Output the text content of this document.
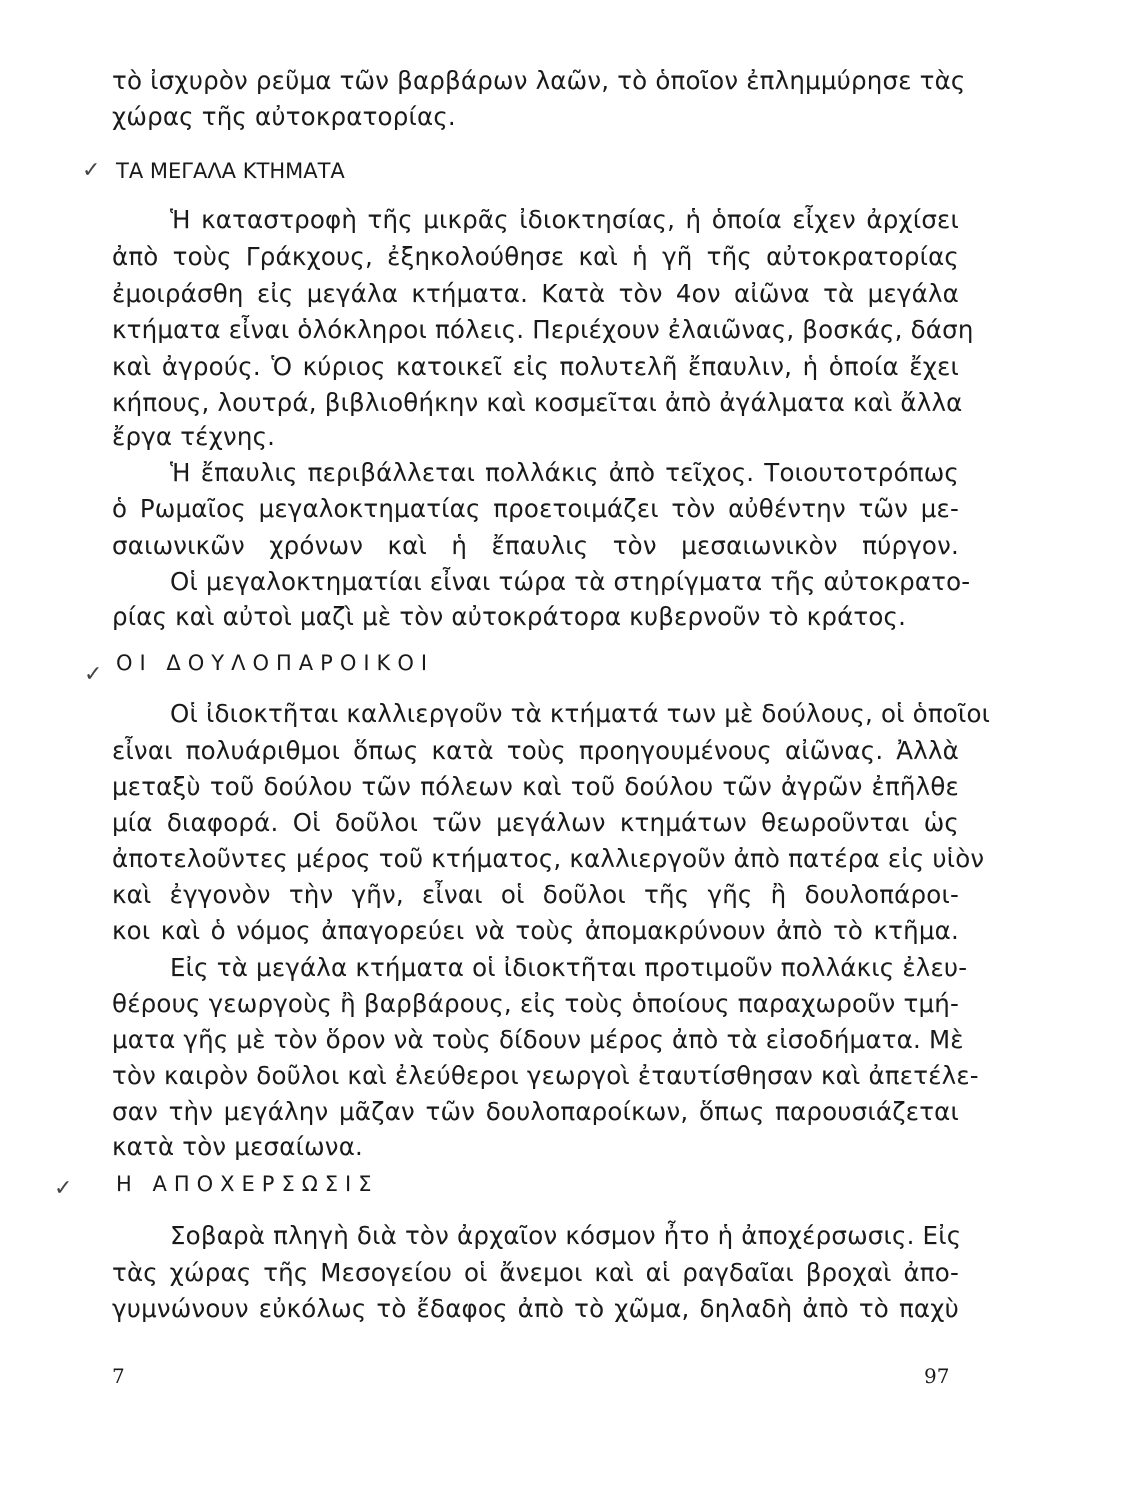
τὸ ἰσχυρὸν ρεῦμα τῶν βαρβάρων λαῶν, τὸ ὁποῖον ἐπλημμύρησε τὰς
χώρας τῆς αὐτοκρατορίας.
✓ ΤΑ ΜΕΓΑΛΑ ΚΤΗΜΑΤΑ
Ἡ καταστροφὴ τῆς μικρᾶς ἰδιοκτησίας, ἡ ὁποία εἶχεν ἀρχίσει
ἀπὸ τοὺς Γράκχους, ἐξηκολούθησε καὶ ἡ γῆ τῆς αὐτοκρατορίας
ἐμοιράσθη εἰς μεγάλα κτήματα. Κατὰ τὸν 4ον αἰῶνα τὰ μεγάλα
κτήματα εἶναι ὁλόκληροι πόλεις. Περιέχουν ἐλαιῶνας, βοσκάς, δάση
καὶ ἀγρούς. Ὁ κύριος κατοικεῖ εἰς πολυτελῆ ἔπαυλιν, ἡ ὁποία ἔχει
κήπους, λουτρά, βιβλιοθήκην καὶ κοσμεῖται ἀπὸ ἀγάλματα καὶ ἄλλα
ἔργα τέχνης.
Ἡ ἔπαυλις περιβάλλεται πολλάκις ἀπὸ τεῖχος. Τοιουτοτρόπως
ὁ Ρωμαῖος μεγαλοκτηματίας προετοιμάζει τὸν αὐθέντην τῶν με-
σαιωνικῶν χρόνων καὶ ἡ ἔπαυλις τὸν μεσαιωνικὸν πύργον.
Οἱ μεγαλοκτηματίαι εἶναι τώρα τὰ στηρίγματα τῆς αὐτοκρατο-
ρίας καὶ αὐτοὶ μαζὶ μὲ τὸν αὐτοκράτορα κυβερνοῦν τὸ κράτος.
✓ ΟΙ ΔΟΥΛΟΠΑΡΟΙΚΟΙ
Οἱ ἰδιοκτῆται καλλιεργοῦν τὰ κτήματά των μὲ δούλους, οἱ ὁποῖοι
εἶναι πολυάριθμοι ὅπως κατὰ τοὺς προηγουμένους αἰῶνας. Ἀλλὰ
μεταξὺ τοῦ δούλου τῶν πόλεων καὶ τοῦ δούλου τῶν ἀγρῶν ἐπῆλθε
μία διαφορά. Οἱ δοῦλοι τῶν μεγάλων κτημάτων θεωροῦνται ὡς
ἀποτελοῦντες μέρος τοῦ κτήματος, καλλιεργοῦν ἀπὸ πατέρα εἰς υἱὸν
καὶ ἐγγονὸν τὴν γῆν, εἶναι οἱ δοῦλοι τῆς γῆς ἢ δουλοπάροι-
κοι καὶ ὁ νόμος ἀπαγορεύει νὰ τοὺς ἀπομακρύνουν ἀπὸ τὸ κτῆμα.
Εἰς τὰ μεγάλα κτήματα οἱ ἰδιοκτῆται προτιμοῦν πολλάκις ἐλευ-
θέρους γεωργοὺς ἢ βαρβάρους, εἰς τοὺς ὁποίους παραχωροῦν τμή-
ματα γῆς μὲ τὸν ὅρον νὰ τοὺς δίδουν μέρος ἀπὸ τὰ εἰσοδήματα. Μὲ
τὸν καιρὸν δοῦλοι καὶ ἐλεύθεροι γεωργοὶ ἐταυτίσθησαν καὶ ἀπετέλε-
σαν τὴν μεγάλην μᾶζαν τῶν δουλοπαροίκων, ὅπως παρουσιάζεται
κατὰ τὸν μεσαίωνα.
✓ Η ΑΠΟΧΕΡΣΩΣΙΣ
Σοβαρὰ πληγὴ διὰ τὸν ἀρχαῖον κόσμον ἦτο ἡ ἀποχέρσωσις. Εἰς
τὰς χώρας τῆς Μεσογείου οἱ ἄνεμοι καὶ αἱ ραγδαῖαι βροχαὶ ἀπο-
γυμνώνουν εὐκόλως τὸ ἔδαφος ἀπὸ τὸ χῶμα, δηλαδὴ ἀπὸ τὸ παχὺ
7	97
